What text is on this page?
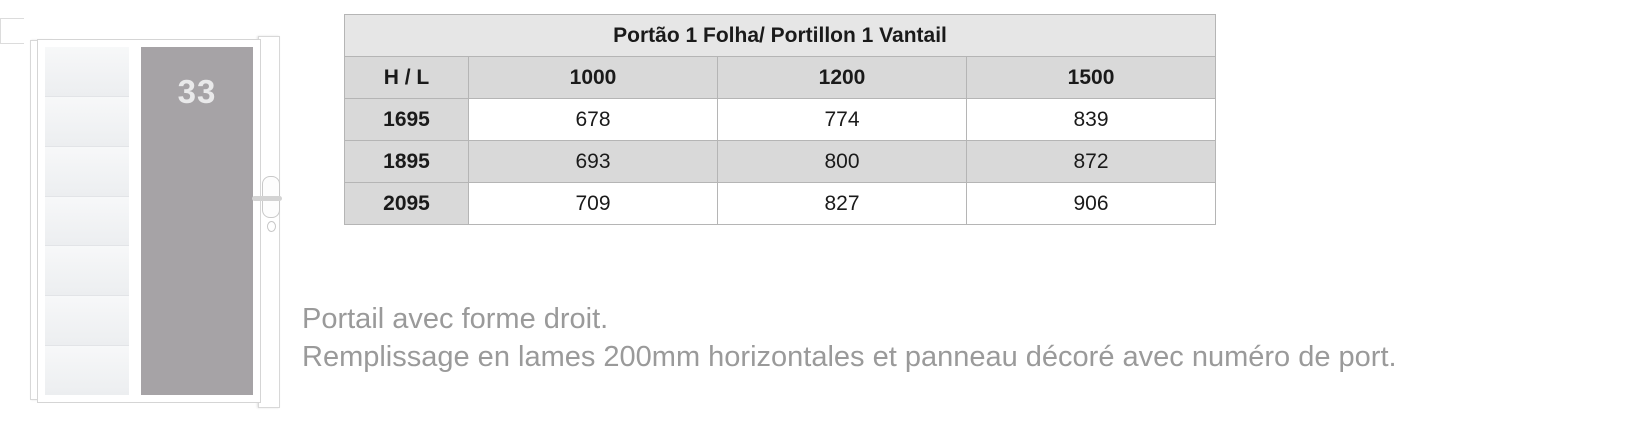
33
Portão 1 Folha/ Portillon 1 Vantail			
H / L	1000	1200	1500
1695	678	774	839
1895	693	800	872
2095	709	827	906
Portail avec forme droit.
Remplissage en lames 200mm horizontales et panneau décoré avec numéro de port.
